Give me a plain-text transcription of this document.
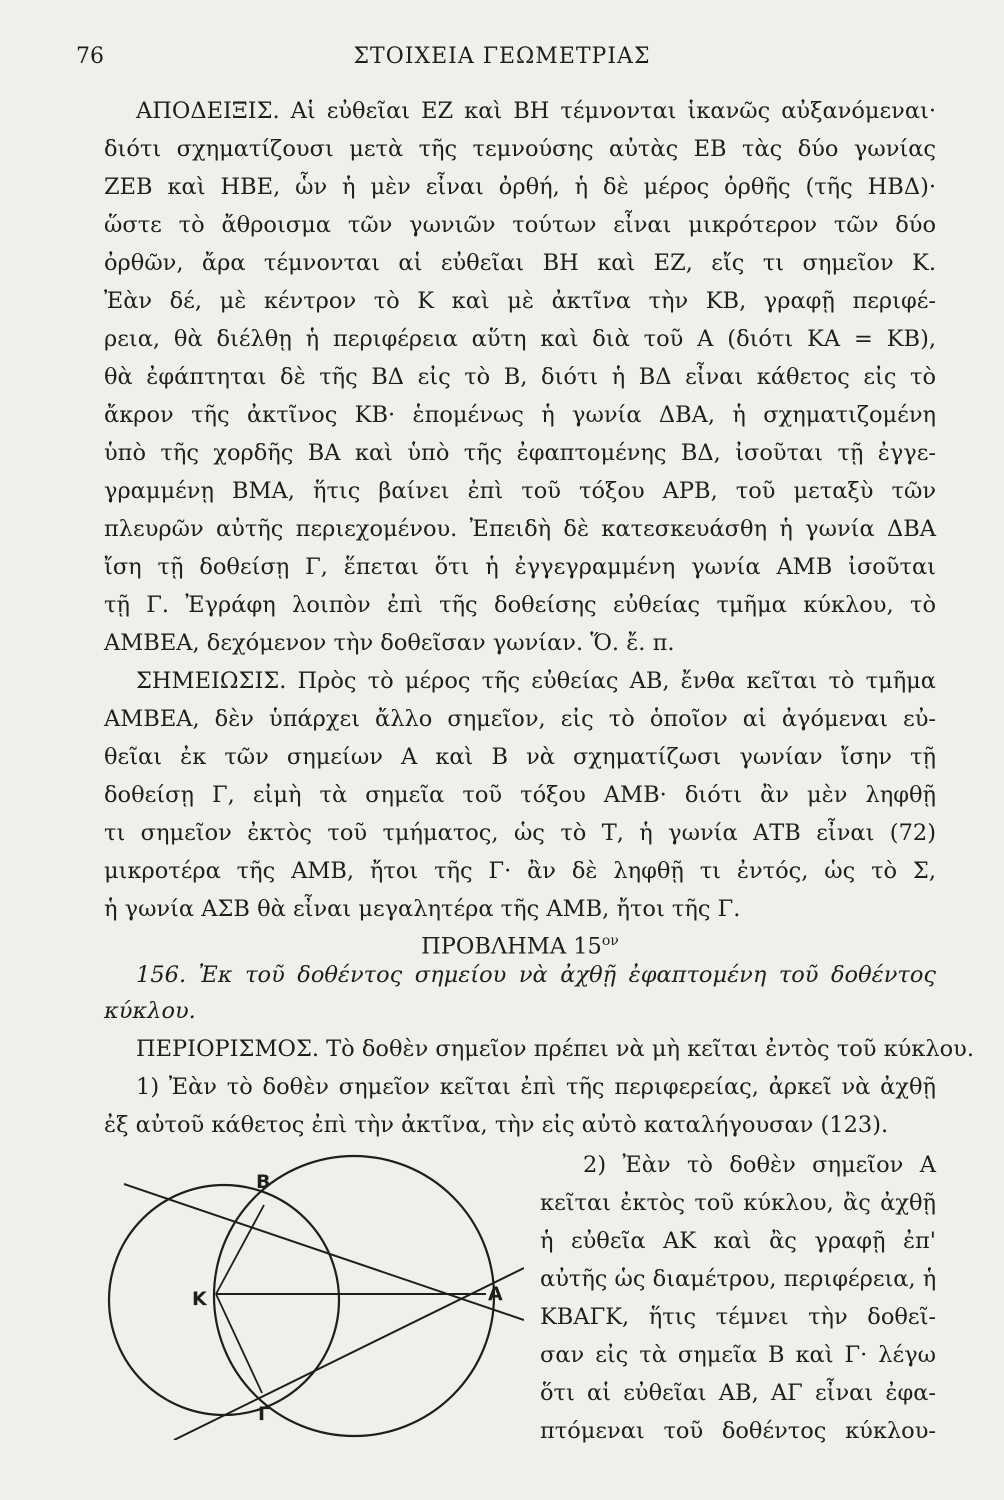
76	ΣΤΟΙΧΕΙΑ ΓΕΩΜΕΤΡΙΑΣ
ΑΠΟΔΕΙΞΙΣ. Αἱ εὐθεῖαι ΕΖ καὶ ΒΗ τέμνονται ἱκανῶς αὐξανόμεναι·
διότι σχηματίζουσι μετὰ τῆς τεμνούσης αὐτὰς ΕΒ τὰς δύο γωνίας
ΖΕΒ καὶ ΗΒΕ, ὧν ἡ μὲν εἶναι ὀρθή, ἡ δὲ μέρος ὀρθῆς (τῆς ΗΒΔ)·
ὥστε τὸ ἄθροισμα τῶν γωνιῶν τούτων εἶναι μικρότερον τῶν δύο
ὀρθῶν, ἄρα τέμνονται αἱ εὐθεῖαι ΒΗ καὶ ΕΖ, εἴς τι σημεῖον Κ.
Ἐὰν δέ, μὲ κέντρον τὸ Κ καὶ μὲ ἀκτῖνα τὴν ΚΒ, γραφῇ περιφέ-
ρεια, θὰ διέλθῃ ἡ περιφέρεια αὕτη καὶ διὰ τοῦ Α (διότι ΚΑ = ΚΒ),
θὰ ἐφάπτηται δὲ τῆς ΒΔ εἰς τὸ Β, διότι ἡ ΒΔ εἶναι κάθετος εἰς τὸ
ἄκρον τῆς ἀκτῖνος ΚΒ· ἑπομένως ἡ γωνία ΔΒΑ, ἡ σχηματιζομένη
ὑπὸ τῆς χορδῆς ΒΑ καὶ ὑπὸ τῆς ἐφαπτομένης ΒΔ, ἰσοῦται τῇ ἐγγε-
γραμμένῃ ΒΜΑ, ἥτις βαίνει ἐπὶ τοῦ τόξου ΑΡΒ, τοῦ μεταξὺ τῶν
πλευρῶν αὐτῆς περιεχομένου. Ἐπειδὴ δὲ κατεσκευάσθη ἡ γωνία ΔΒΑ
ἴση τῇ δοθείσῃ Γ, ἕπεται ὅτι ἡ ἐγγεγραμμένη γωνία ΑΜΒ ἰσοῦται
τῇ Γ. Ἐγράφη λοιπὸν ἐπὶ τῆς δοθείσης εὐθείας τμῆμα κύκλου, τὸ
ΑΜΒΕΑ, δεχόμενον τὴν δοθεῖσαν γωνίαν. Ὅ. ἔ. π.
ΣΗΜΕΙΩΣΙΣ. Πρὸς τὸ μέρος τῆς εὐθείας ΑΒ, ἔνθα κεῖται τὸ τμῆμα
ΑΜΒΕΑ, δὲν ὑπάρχει ἄλλο σημεῖον, εἰς τὸ ὁποῖον αἱ ἀγόμεναι εὐ-
θεῖαι ἐκ τῶν σημείων Α καὶ Β νὰ σχηματίζωσι γωνίαν ἴσην τῇ
δοθείσῃ Γ, εἰμὴ τὰ σημεῖα τοῦ τόξου ΑΜΒ· διότι ἂν μὲν ληφθῇ
τι σημεῖον ἐκτὸς τοῦ τμήματος, ὡς τὸ Τ, ἡ γωνία ΑΤΒ εἶναι (72)
μικροτέρα τῆς ΑΜΒ, ἤτοι τῆς Γ· ἂν δὲ ληφθῇ τι ἐντός, ὡς τὸ Σ,
ἡ γωνία ΑΣΒ θὰ εἶναι μεγαλητέρα τῆς ΑΜΒ, ἤτοι τῆς Γ.
ΠΡΟΒΛΗΜΑ $15^{o\nu}$
156. Ἐκ τοῦ δοθέντος σημείου νὰ ἀχθῇ ἐφαπτομένη τοῦ δοθέντος
κύκλου.
ΠΕΡΙΟΡΙΣΜΟΣ. Τὸ δοθὲν σημεῖον πρέπει νὰ μὴ κεῖται ἐντὸς τοῦ κύκλου.
1) Ἐὰν τὸ δοθὲν σημεῖον κεῖται ἐπὶ τῆς περιφερείας, ἀρκεῖ νὰ ἀχθῇ
ἐξ αὐτοῦ κάθετος ἐπὶ τὴν ἀκτῖνα, τὴν εἰς αὐτὸ καταλήγουσαν (123).
2) Ἐὰν τὸ δοθὲν σημεῖον Α
κεῖται ἐκτὸς τοῦ κύκλου, ἂς ἀχθῇ
ἡ εὐθεῖα ΑΚ καὶ ἂς γραφῇ ἐπ'
αὐτῆς ὡς διαμέτρου, περιφέρεια, ἡ
ΚΒΑΓΚ, ἥτις τέμνει τὴν δοθεῖ-
σαν εἰς τὰ σημεῖα Β καὶ Γ· λέγω
ὅτι αἱ εὐθεῖαι ΑΒ, ΑΓ εἶναι ἐφα-
πτόμεναι τοῦ δοθέντος κύκλου-
Β
Κ	Α
Γ
